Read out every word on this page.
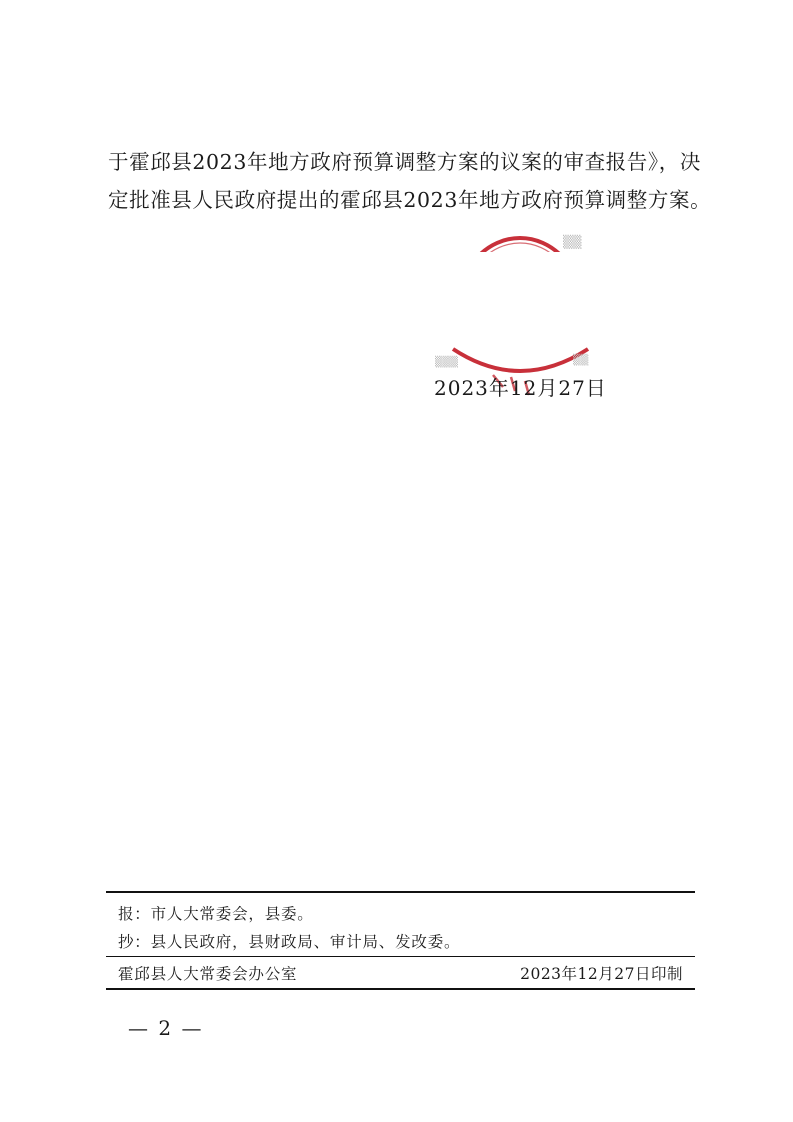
于霍邱县2023年地方政府预算调整方案的议案的审查报告》，决
定批准县人民政府提出的霍邱县2023年地方政府预算调整方案。
▒▒
▒▒▒	▒▒
2023年12月27日
报：市人大常委会，县委。
抄：县人民政府，县财政局、审计局、发改委。
霍邱县人大常委会办公室	2023年12月27日印制
— 2 —
